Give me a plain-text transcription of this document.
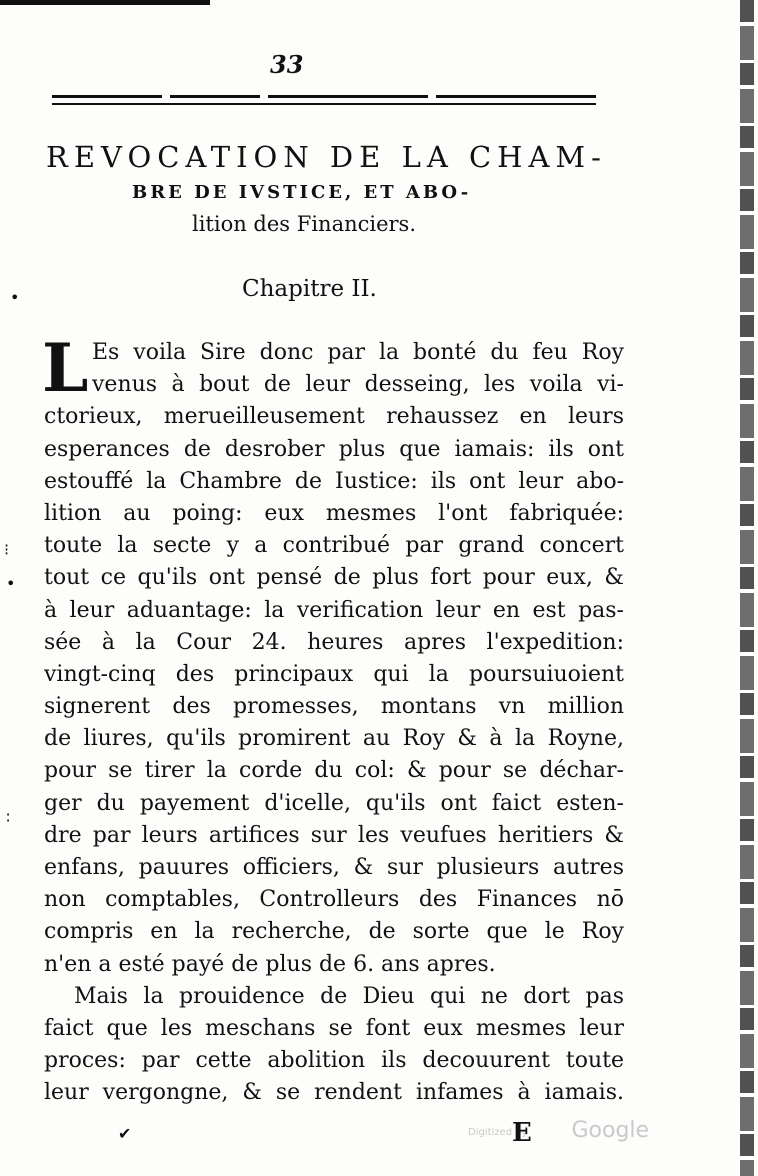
33
REVOCATION DE LA CHAM-
BRE DE IVSTICE, ET ABO-
lition des Financiers.
Chapitre II.
L Es voila Sire donc par la bonté du feu Roy
venus à bout de leur desseing, les voila vi-
ctorieux, merueilleusement rehaussez en leurs
esperances de desrober plus que iamais: ils ont
estouffé la Chambre de Iustice: ils ont leur abo-
lition au poing: eux mesmes l'ont fabriquée:
toute la secte y a contribué par grand concert
tout ce qu'ils ont pensé de plus fort pour eux, &
à leur aduantage: la verification leur en est pas-
sée à la Cour 24. heures apres l'expedition:
vingt-cinq des principaux qui la poursuiuoient
signerent des promesses, montans vn million
de liures, qu'ils promirent au Roy & à la Royne,
pour se tirer la corde du col: & pour se déchar-
ger du payement d'icelle, qu'ils ont faict esten-
dre par leurs artifices sur les veufues heritiers &
enfans, pauures officiers, & sur plusieurs autres
non comptables, Controlleurs des Finances nō
compris en la recherche, de sorte que le Roy
n'en a esté payé de plus de 6. ans apres.
Mais la prouidence de Dieu qui ne dort pas
faict que les meschans se font eux mesmes leur
proces: par cette abolition ils decouurent toute
leur vergongne, & se rendent infames à iamais.
•
⁝
•
∶
✔	Digitized by Google
E
